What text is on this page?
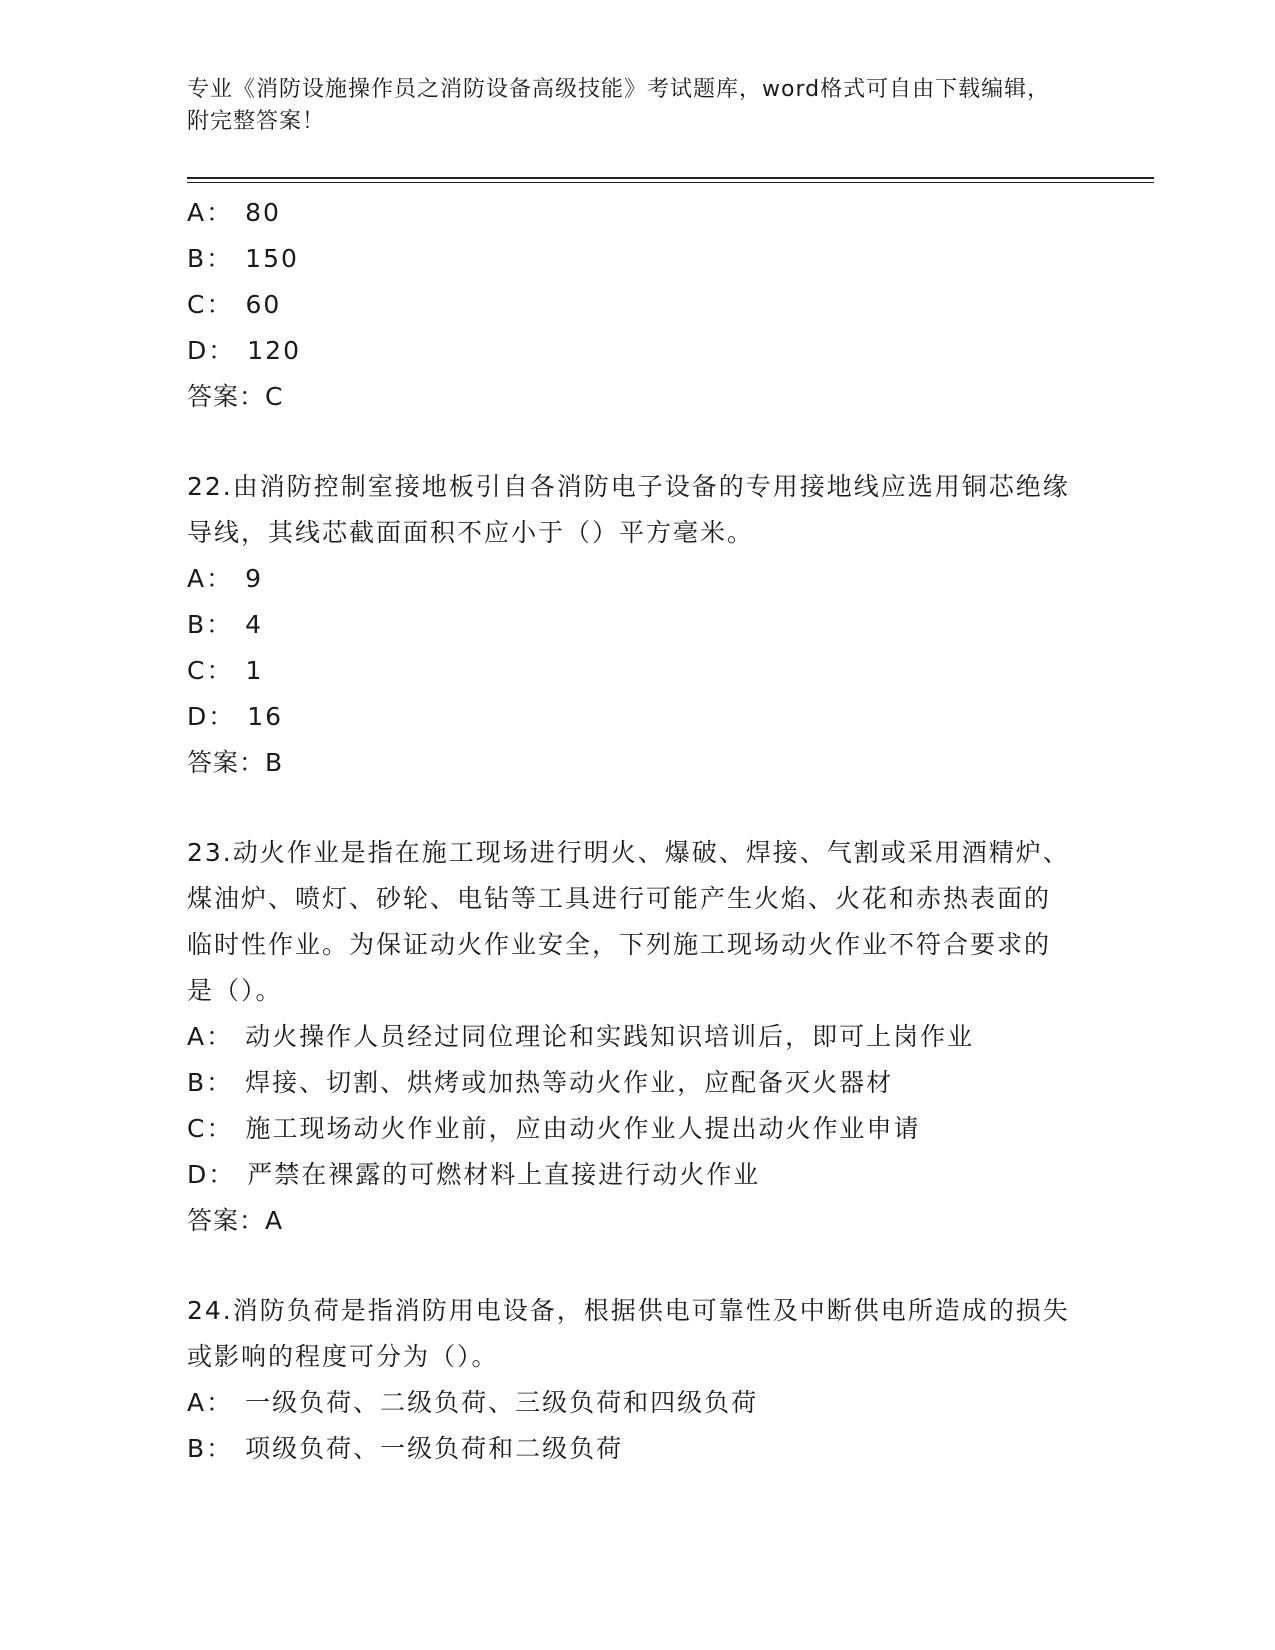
专业《消防设施操作员之消防设备高级技能》考试题库，word格式可自由下载编辑，附完整答案！
A： 80
B： 150
C： 60
D： 120
答案：C
22.由消防控制室接地板引自各消防电子设备的专用接地线应选用铜芯绝缘导线，其线芯截面面积不应小于（）平方毫米。
A： 9
B： 4
C： 1
D： 16
答案：B
23.动火作业是指在施工现场进行明火、爆破、焊接、气割或采用酒精炉、煤油炉、喷灯、砂轮、电钻等工具进行可能产生火焰、火花和赤热表面的临时性作业。为保证动火作业安全，下列施工现场动火作业不符合要求的是（）。
A： 动火操作人员经过同位理论和实践知识培训后，即可上岗作业
B： 焊接、切割、烘烤或加热等动火作业，应配备灭火器材
C： 施工现场动火作业前，应由动火作业人提出动火作业申请
D： 严禁在裸露的可燃材料上直接进行动火作业
答案：A
24.消防负荷是指消防用电设备，根据供电可靠性及中断供电所造成的损失或影响的程度可分为（）。
A： 一级负荷、二级负荷、三级负荷和四级负荷
B： 项级负荷、一级负荷和二级负荷
